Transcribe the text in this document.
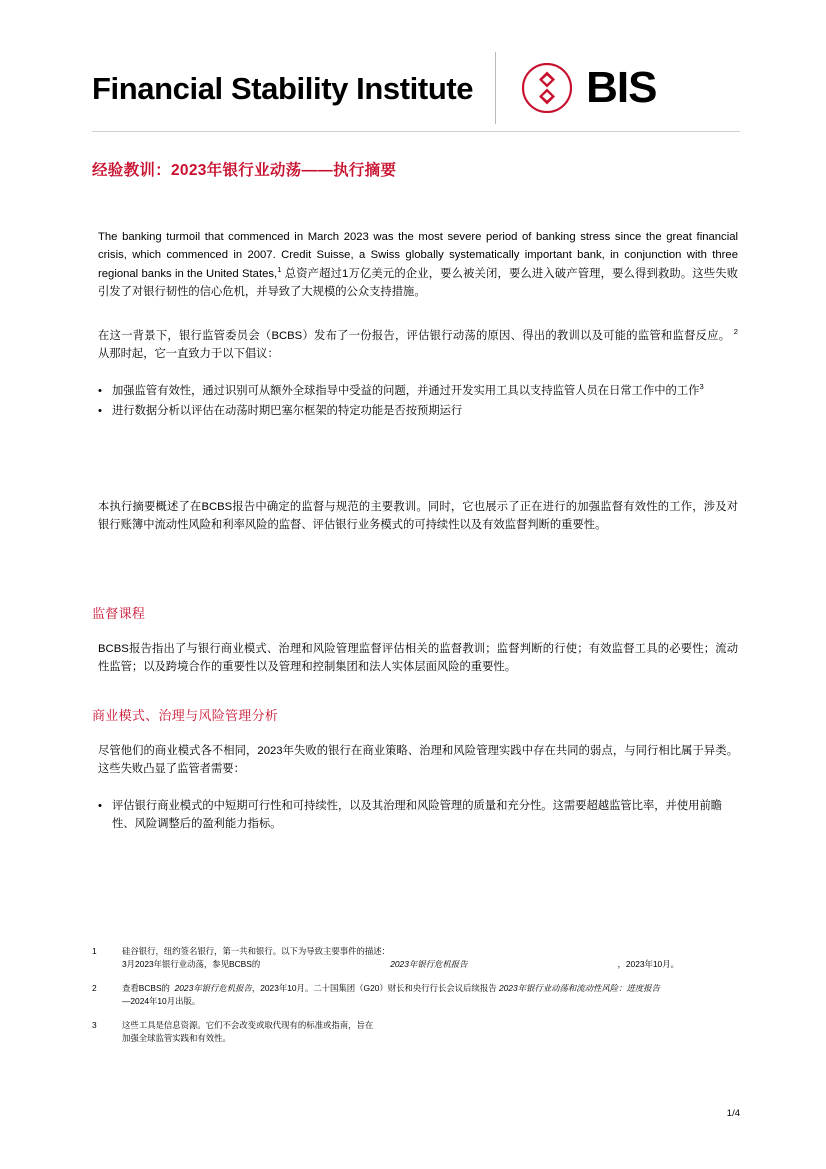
Financial Stability Institute	BIS
经验教训：2023年银行业动荡——执行摘要
The banking turmoil that commenced in March 2023 was the most severe period of banking stress since the great financial crisis, which commenced in 2007. Credit Suisse, a Swiss globally systematically important bank, in conjunction with three regional banks in the United States,$^1$ 总资产超过1万亿美元的企业，要么被关闭，要么进入破产管理，要么得到救助。这些失败引发了对银行韧性的信心危机，并导致了大规模的公众支持措施。
在这一背景下，银行监管委员会（BCBS）发布了一份报告，评估银行动荡的原因、得出的教训以及可能的监管和监督反应。 $^2$ 从那时起，它一直致力于以下倡议：
• 加强监管有效性，通过识别可从额外全球指导中受益的问题，并通过开发实用工具以支持监管人员在日常工作中的工作$^3$
• 进行数据分析以评估在动荡时期巴塞尔框架的特定功能是否按预期运行
本执行摘要概述了在BCBS报告中确定的监督与规范的主要教训。同时，它也展示了正在进行的加强监督有效性的工作，涉及对银行账簿中流动性风险和利率风险的监督、评估银行业务模式的可持续性以及有效监督判断的重要性。
监督课程
BCBS报告指出了与银行商业模式、治理和风险管理监督评估相关的监督教训；监督判断的行使；有效监督工具的必要性；流动性监管；以及跨境合作的重要性以及管理和控制集团和法人实体层面风险的重要性。
商业模式、治理与风险管理分析
尽管他们的商业模式各不相同，2023年失败的银行在商业策略、治理和风险管理实践中存在共同的弱点，与同行相比属于异类。这些失败凸显了监管者需要：
• 评估银行商业模式的中短期可行性和可持续性，以及其治理和风险管理的质量和充分性。这需要超越监管比率，并使用前瞻性、风险调整后的盈利能力指标。
1	硅谷银行，纽约签名银行，第一共和银行。以下为导致主要事件的描述：
3月2023年银行业动荡，参见BCBS的	2023年银行危机报告	，2023年10月。
2	查看BCBS的 2023年银行危机报告，2023年10月。二十国集团（G20）财长和央行行长会议后续报告 2023年银行业动荡和流动性风险：进度报告
—2024年10月出版。
3	这些工具是信息资源。它们不会改变或取代现有的标准或指南，旨在
加强全球监管实践和有效性。
1/4
